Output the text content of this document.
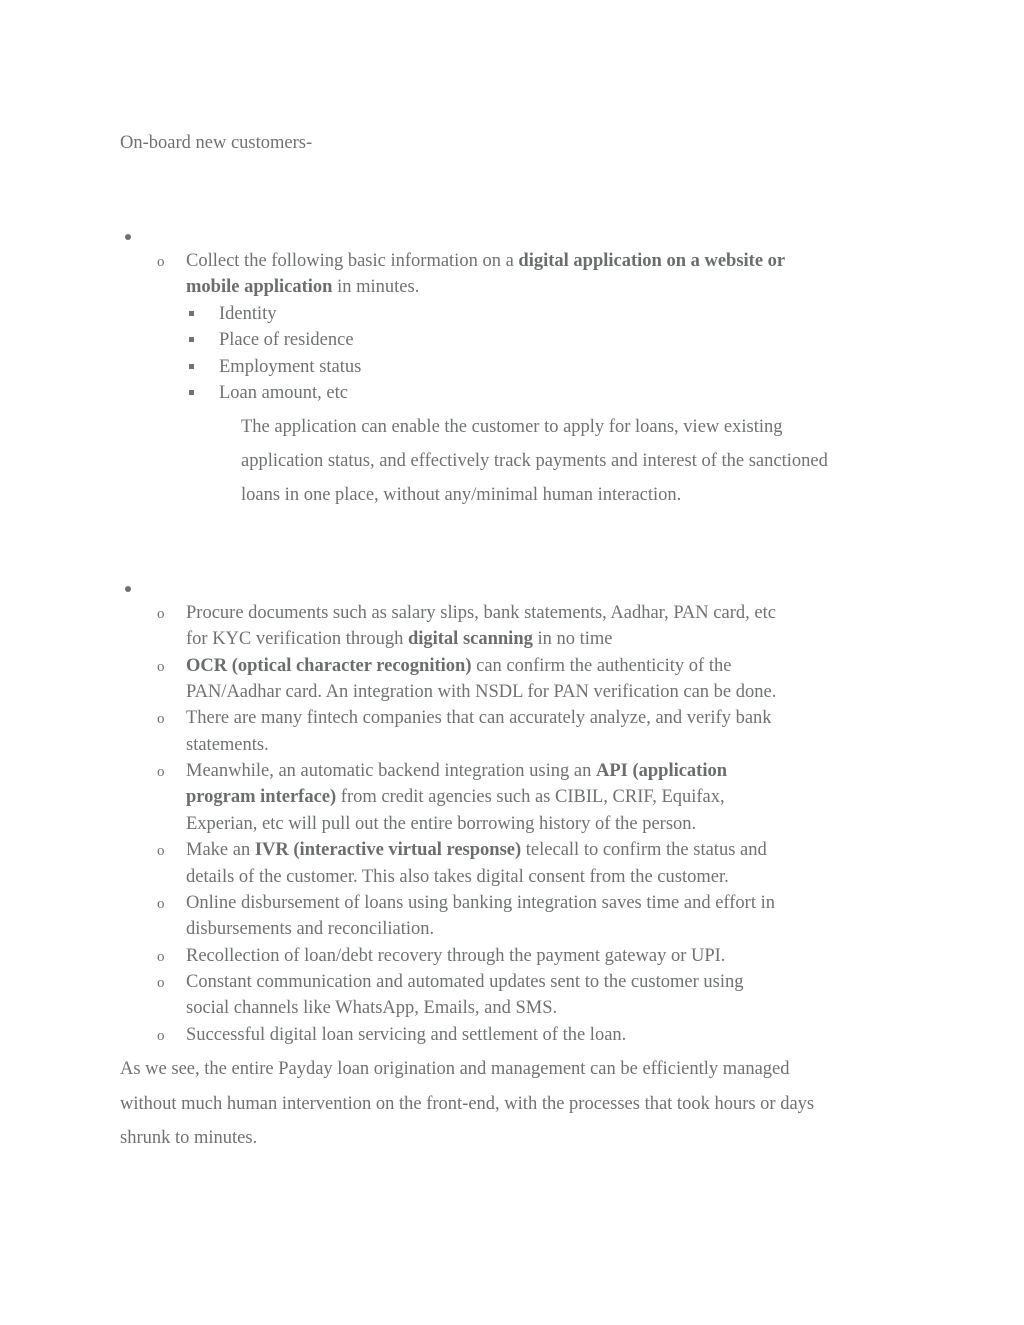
On-board new customers-
o Collect the following basic information on a digital application on a website or
mobile application in minutes.
Identity
Place of residence
Employment status
Loan amount, etc
The application can enable the customer to apply for loans, view existing
application status, and effectively track payments and interest of the sanctioned
loans in one place, without any/minimal human interaction.
o Procure documents such as salary slips, bank statements, Aadhar, PAN card, etc
for KYC verification through digital scanning in no time
o OCR (optical character recognition) can confirm the authenticity of the
PAN/Aadhar card. An integration with NSDL for PAN verification can be done.
o There are many fintech companies that can accurately analyze, and verify bank
statements.
o Meanwhile, an automatic backend integration using an API (application
program interface) from credit agencies such as CIBIL, CRIF, Equifax,
Experian, etc will pull out the entire borrowing history of the person.
o Make an IVR (interactive virtual response) telecall to confirm the status and
details of the customer. This also takes digital consent from the customer.
o Online disbursement of loans using banking integration saves time and effort in
disbursements and reconciliation.
o Recollection of loan/debt recovery through the payment gateway or UPI.
o Constant communication and automated updates sent to the customer using
social channels like WhatsApp, Emails, and SMS.
o Successful digital loan servicing and settlement of the loan.
As we see, the entire Payday loan origination and management can be efficiently managed
without much human intervention on the front-end, with the processes that took hours or days
shrunk to minutes.
